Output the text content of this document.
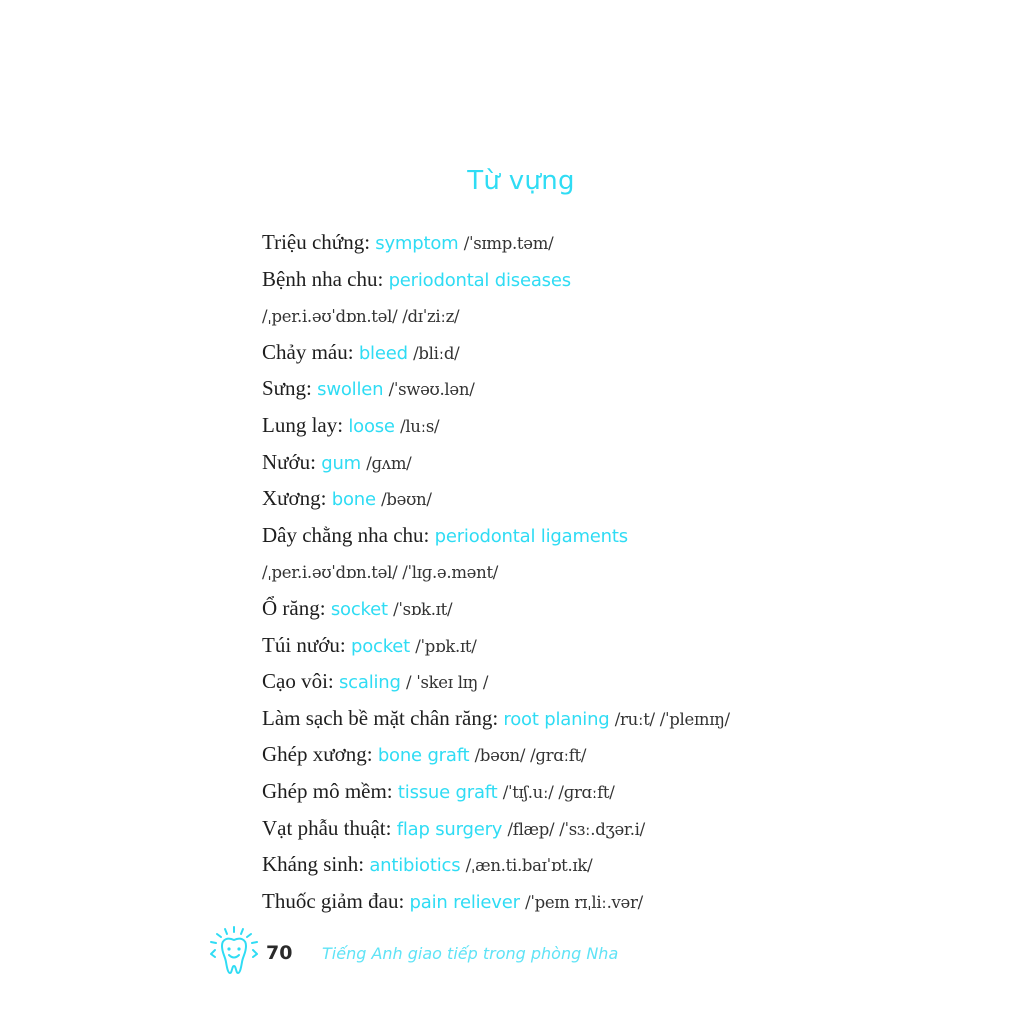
Từ vựng
Triệu chứng: symptom /ˈsɪmp.təm/
Bệnh nha chu: periodontal diseases
/ˌper.i.əʊˈdɒn.təl/ /dɪˈziːz/
Chảy máu: bleed /bliːd/
Sưng: swollen /ˈswəʊ.lən/
Lung lay: loose /luːs/
Nướu: gum /ɡʌm/
Xương: bone /bəʊn/
Dây chằng nha chu: periodontal ligaments
/ˌper.i.əʊˈdɒn.təl/ /ˈlɪɡ.ə.mənt/
Ổ răng: socket /ˈsɒk.ɪt/
Túi nướu: pocket /ˈpɒk.ɪt/
Cạo vôi: scaling / ˈskeɪ lɪŋ /
Làm sạch bề mặt chân răng: root planing /ruːt/ /ˈpleɪnɪŋ/
Ghép xương: bone graft /bəʊn/ /ɡrɑːft/
Ghép mô mềm: tissue graft /ˈtɪʃ.uː/ /ɡrɑːft/
Vạt phẫu thuật: flap surgery /flæp/ /ˈsɜː.dʒər.i/
Kháng sinh: antibiotics /ˌæn.ti.baɪˈɒt.ɪk/
Thuốc giảm đau: pain reliever /ˈpeɪn rɪˌliː.vər/
70 Tiếng Anh giao tiếp trong phòng Nha
